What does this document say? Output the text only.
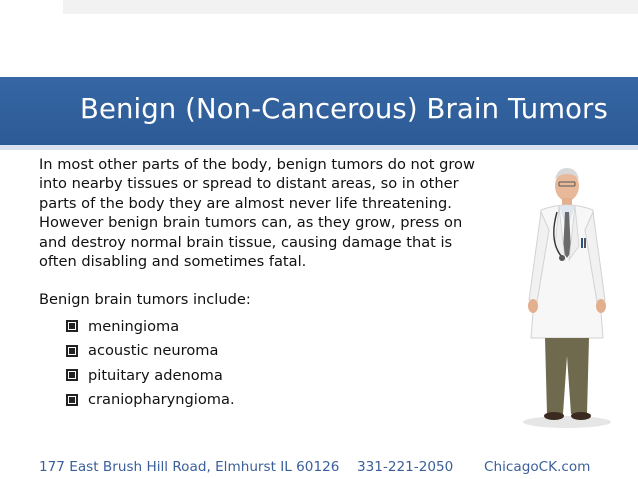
Benign (Non-Cancerous) Brain Tumors
In most other parts of the body, benign tumors do not grow
into nearby tissues or spread to distant areas, so in other
parts of the body they are almost never life threatening.
However benign brain tumors can, as they grow, press on
and destroy normal brain tissue, causing damage that is
often disabling and sometimes fatal.
Benign brain tumors include:
meningioma
acoustic neuroma
pituitary adenoma
craniopharyngioma.
177 East Brush Hill Road, Elmhurst IL 60126 331-221-2050 ChicagoCK.com
